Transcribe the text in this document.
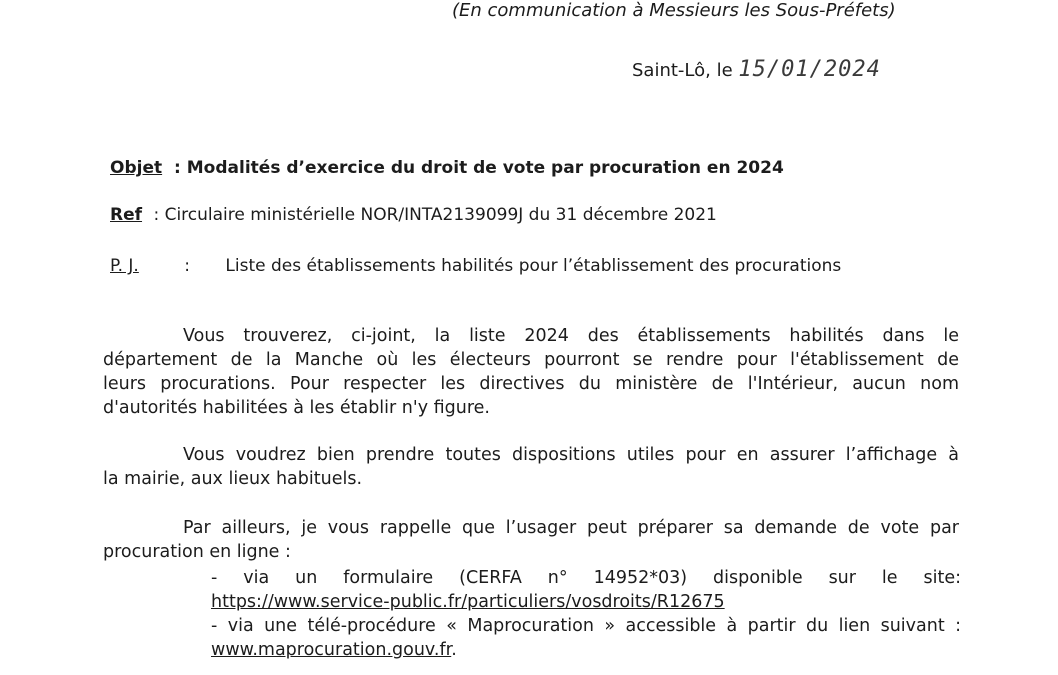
(En communication à Messieurs les Sous-Préfets)
Saint-Lô, le 15/01/2024
Objet : Modalités d’exercice du droit de vote par procuration en 2024
Ref : Circulaire ministérielle NOR/INTA2139099J du 31 décembre 2021
P. J.	: Liste des établissements habilités pour l’établissement des procurations
Vous trouverez, ci-joint, la liste 2024 des établissements habilités dans le
département de la Manche où les électeurs pourront se rendre pour l'établissement de
leurs procurations. Pour respecter les directives du ministère de l'Intérieur, aucun nom
d'autorités habilitées à les établir n'y figure.
Vous voudrez bien prendre toutes dispositions utiles pour en assurer l’affichage à
la mairie, aux lieux habituels.
Par ailleurs, je vous rappelle que l’usager peut préparer sa demande de vote par
procuration en ligne :
- via un formulaire (CERFA n° 14952*03) disponible sur le site:
https://www.service-public.fr/particuliers/vosdroits/R12675
- via une télé-procédure « Maprocuration » accessible à partir du lien suivant :
www.maprocuration.gouv.fr.
